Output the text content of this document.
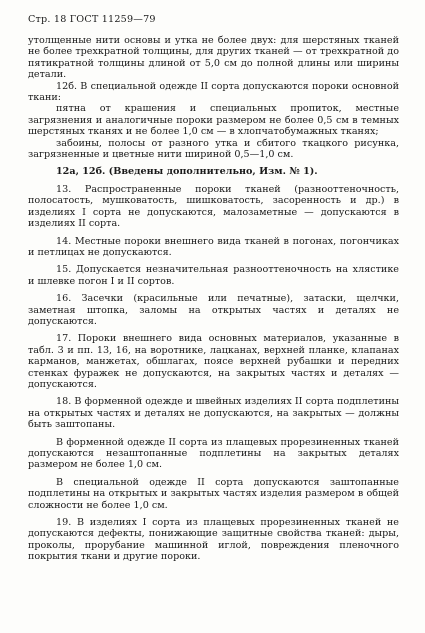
Стр. 18 ГОСТ 11259—79

утолщенные нити основы и утка не более двух: для шерстяных тканей не более трехкратной толщины, для других тканей — от трехкратной до пятикратной толщины длиной от 5,0 см до полной длины или ширины детали.

12б. В специальной одежде II сорта допускаются пороки основной ткани:

пятна от крашения и специальных пропиток, местные загрязнения и аналогичные пороки размером не более 0,5 см в темных шерстяных тканях и не более 1,0 см — в хлопчатобумажных тканях;

забоины, полосы от разного утка и сбитого ткацкого рисунка, загрязненные и цветные нити шириной 0,5—1,0 см.

12а, 12б. (Введены дополнительно, Изм. № 1).

13. Распространенные пороки тканей (разнооттеночность, полосатость, мушковатость, шишковатость, засоренность и др.) в изделиях I сорта не допускаются, малозаметные — допускаются в изделиях II сорта.

14. Местные пороки внешнего вида тканей в погонах, погончиках и петлицах не допускаются.

15. Допускается незначительная разнооттеночность на хлястике и шлевке погон I и II сортов.

16. Засечки (красильные или печатные), затаски, щелчки, заметная штопка, заломы на открытых частях и деталях не допускаются.

17. Пороки внешнего вида основных материалов, указанные в табл. 3 и пп. 13, 16, на воротнике, лацканах, верхней планке, клапанах карманов, манжетах, обшлагах, поясе верхней рубашки и передних стенках фуражек не допускаются, на закрытых частях и деталях — допускаются.

18. В форменной одежде и швейных изделиях II сорта подплетины на открытых частях и деталях не допускаются, на закрытых — должны быть заштопаны.

В форменной одежде II сорта из плащевых прорезиненных тканей допускаются незаштопанные подплетины на закрытых деталях размером не более 1,0 см.

В специальной одежде II сорта допускаются заштопанные подплетины на открытых и закрытых частях изделия размером в общей сложности не более 1,0 см.

19. В изделиях I сорта из плащевых прорезиненных тканей не допускаются дефекты, понижающие защитные свойства тканей: дыры, проколы, прорубание машинной иглой, повреждения пленочного покрытия ткани и другие пороки.
